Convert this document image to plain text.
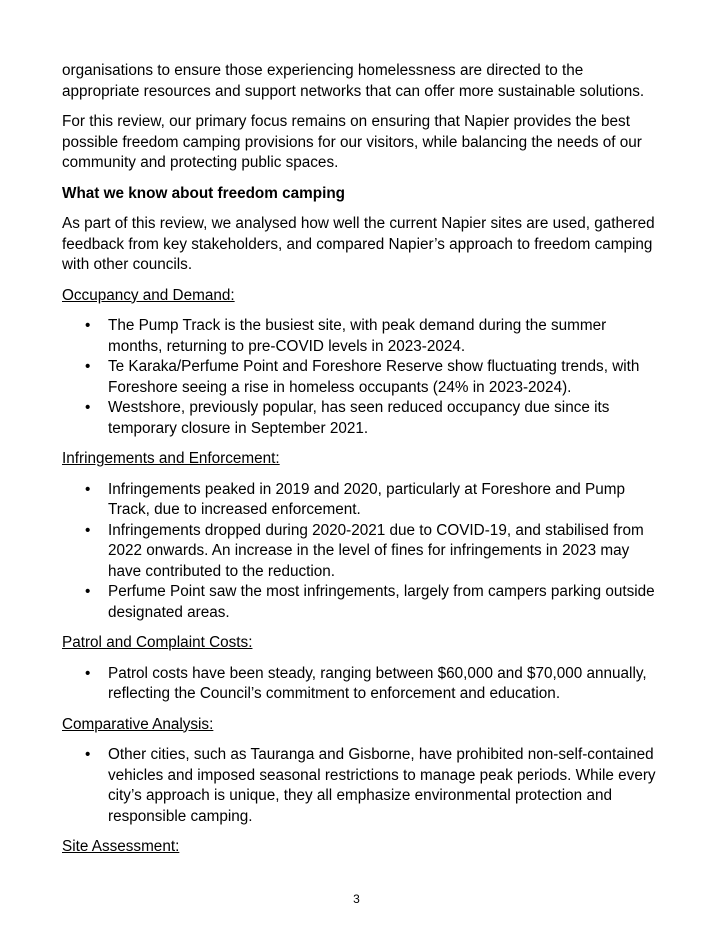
organisations to ensure those experiencing homelessness are directed to the appropriate resources and support networks that can offer more sustainable solutions.

For this review, our primary focus remains on ensuring that Napier provides the best possible freedom camping provisions for our visitors, while balancing the needs of our community and protecting public spaces.

What we know about freedom camping

As part of this review, we analysed how well the current Napier sites are used, gathered feedback from key stakeholders, and compared Napier’s approach to freedom camping with other councils.

Occupancy and Demand:
• The Pump Track is the busiest site, with peak demand during the summer months, returning to pre-COVID levels in 2023-2024.
• Te Karaka/Perfume Point and Foreshore Reserve show fluctuating trends, with Foreshore seeing a rise in homeless occupants (24% in 2023-2024).
• Westshore, previously popular, has seen reduced occupancy due since its temporary closure in September 2021.
Infringements and Enforcement:
• Infringements peaked in 2019 and 2020, particularly at Foreshore and Pump Track, due to increased enforcement.
• Infringements dropped during 2020-2021 due to COVID-19, and stabilised from 2022 onwards. An increase in the level of fines for infringements in 2023 may have contributed to the reduction.
• Perfume Point saw the most infringements, largely from campers parking outside designated areas.
Patrol and Complaint Costs:
• Patrol costs have been steady, ranging between $60,000 and $70,000 annually, reflecting the Council’s commitment to enforcement and education.
Comparative Analysis:
• Other cities, such as Tauranga and Gisborne, have prohibited non-self-contained vehicles and imposed seasonal restrictions to manage peak periods. While every city’s approach is unique, they all emphasize environmental protection and responsible camping.
Site Assessment:
3
